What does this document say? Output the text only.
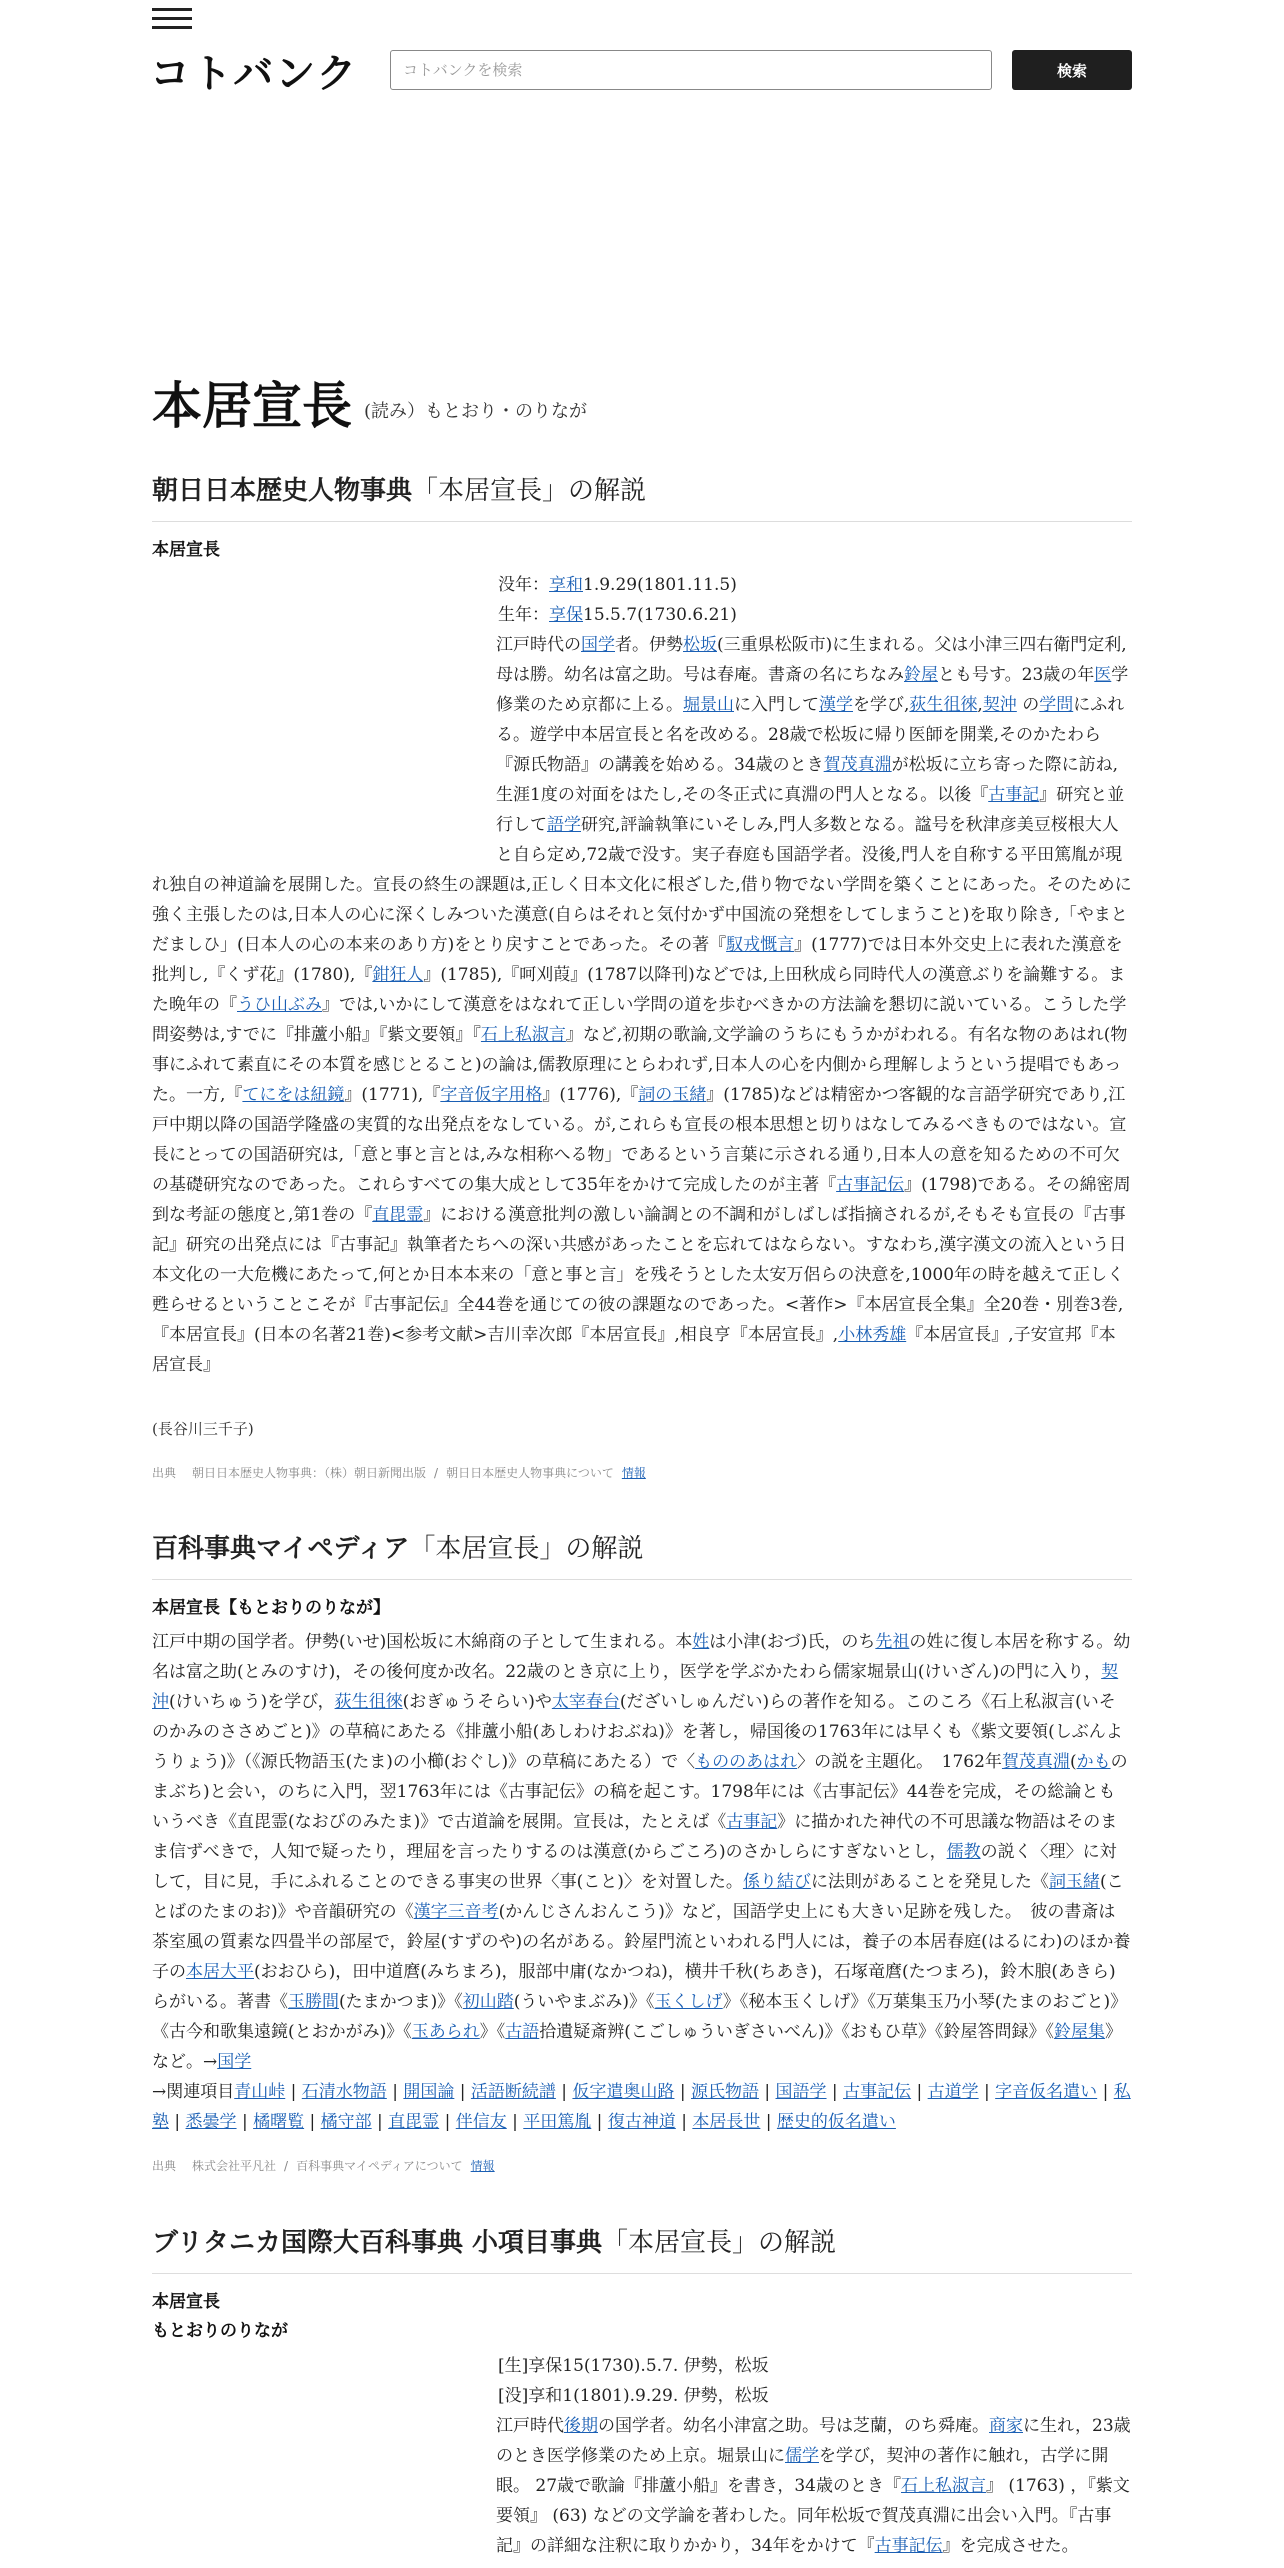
コトバンク
コトバンクを検索	検索
本居宣長 (読み）もとおり・のりなが
朝日日本歴史人物事典「本居宣長」の解説
本居宣長

没年：享和1.9.29(1801.11.5)

生年：享保15.5.7(1730.6.21)

江戸時代の国学者。伊勢松坂(三重県松阪市)に生まれる。父は小津三四右衛門定利,母は勝。幼名は富之助。号は春庵。書斎の名にちなみ鈴屋とも号す。23歳の年医学修業のため京都に上る。堀景山に入門して漢学を学び,荻生徂徠,契沖 の学問にふれる。遊学中本居宣長と名を改める。28歳で松坂に帰り医師を開業,そのかたわら『源氏物語』の講義を始める。34歳のとき賀茂真淵が松坂に立ち寄った際に訪ね,生涯1度の対面をはたし,その冬正式に真淵の門人となる。以後『古事記』研究と並行して語学研究,評論執筆にいそしみ,門人多数となる。諡号を秋津彦美豆桜根大人と自ら定め,72歳で没す。実子春庭も国語学者。没後,門人を自称する平田篤胤が現れ独自の神道論を展開した。宣長の終生の課題は,正しく日本文化に根ざした,借り物でない学問を築くことにあった。そのために強く主張したのは,日本人の心に深くしみついた漢意(自らはそれと気付かず中国流の発想をしてしまうこと)を取り除き,「やまとだましひ」(日本人の心の本来のあり方)をとり戻すことであった。その著『馭戎慨言』(1777)では日本外交史上に表れた漢意を批判し,『くず花』(1780),『鉗狂人』(1785),『呵刈葭』(1787以降刊)などでは,上田秋成ら同時代人の漢意ぶりを論難する。また晩年の『うひ山ぶみ』では,いかにして漢意をはなれて正しい学問の道を歩むべきかの方法論を懇切に説いている。こうした学問姿勢は,すでに『排蘆小船』『紫文要領』『石上私淑言』など,初期の歌論,文学論のうちにもうかがわれる。有名な物のあはれ(物事にふれて素直にその本質を感じとること)の論は,儒教原理にとらわれず,日本人の心を内側から理解しようという提唱でもあった。一方,『てにをは紐鏡』(1771),『字音仮字用格』(1776),『詞の玉緒』(1785)などは精密かつ客観的な言語学研究であり,江戸中期以降の国語学隆盛の実質的な出発点をなしている。が,これらも宣長の根本思想と切りはなしてみるべきものではない。宣長にとっての国語研究は,「意と事と言とは,みな相称へる物」であるという言葉に示される通り,日本人の意を知るための不可欠の基礎研究なのであった。これらすべての集大成として35年をかけて完成したのが主著『古事記伝』(1798)である。その綿密周到な考証の態度と,第1巻の『直毘霊』における漢意批判の激しい論調との不調和がしばしば指摘されるが,そもそも宣長の『古事記』研究の出発点には『古事記』執筆者たちへの深い共感があったことを忘れてはならない。すなわち,漢字漢文の流入という日本文化の一大危機にあたって,何とか日本本来の「意と事と言」を残そうとした太安万侶らの決意を,1000年の時を越えて正しく甦らせるということこそが『古事記伝』全44巻を通じての彼の課題なのであった。<著作>『本居宣長全集』全20巻・別巻3巻,『本居宣長』(日本の名著21巻)<参考文献>吉川幸次郎『本居宣長』,相良亨『本居宣長』,小林秀雄『本居宣長』,子安宣邦『本居宣長』

(長谷川三千子)
出典 朝日日本歴史人物事典：（株）朝日新聞出版 / 朝日日本歴史人物事典について 情報
百科事典マイペディア「本居宣長」の解説
本居宣長【もとおりのりなが】

江戸中期の国学者。伊勢(いせ)国松坂に木綿商の子として生まれる。本姓は小津(おづ)氏，のち先祖の姓に復し本居を称する。幼名は富之助(とみのすけ)，その後何度か改名。22歳のとき京に上り，医学を学ぶかたわら儒家堀景山(けいざん)の門に入り，契沖(けいちゅう)を学び，荻生徂徠(おぎゅうそらい)や太宰春台(だざいしゅんだい)らの著作を知る。このころ《石上私淑言(いそのかみのささめごと)》の草稿にあたる《排蘆小船(あしわけおぶね)》を著し，帰国後の1763年には早くも《紫文要領(しぶんようりょう)》（《源氏物語玉(たま)の小櫛(おぐし)》の草稿にあたる）で〈もののあはれ〉の説を主題化。　1762年賀茂真淵(かものまぶち)と会い，のちに入門，翌1763年には《古事記伝》の稿を起こす。1798年には《古事記伝》44巻を完成，その総論ともいうべき《直毘霊(なおびのみたま)》で古道論を展開。宣長は，たとえば《古事記》に描かれた神代の不可思議な物語はそのまま信ずべきで，人知で疑ったり，理屈を言ったりするのは漢意(からごころ)のさかしらにすぎないとし，儒教の説く〈理〉に対して，目に見，手にふれることのできる事実の世界〈事(こと)〉を対置した。係り結びに法則があることを発見した《詞玉緒(ことばのたまのお)》や音韻研究の《漢字三音考(かんじさんおんこう)》など，国語学史上にも大きい足跡を残した。　彼の書斎は茶室風の質素な四畳半の部屋で，鈴屋(すずのや)の名がある。鈴屋門流といわれる門人には，養子の本居春庭(はるにわ)のほか養子の本居大平(おおひら)，田中道麿(みちまろ)，服部中庸(なかつね)，横井千秋(ちあき)，石塚竜麿(たつまろ)，鈴木朖(あきら)らがいる。著書《玉勝間(たまかつま)》《初山踏(ういやまぶみ)》《玉くしげ》《秘本玉くしげ》《万葉集玉乃小琴(たまのおごと)》《古今和歌集遠鏡(とおかがみ)》《玉あられ》《古語拾遺疑斎辨(こごしゅういぎさいべん)》《おもひ草》《鈴屋答問録》《鈴屋集》など。→国学

→関連項目青山峠 | 石清水物語 | 開国論 | 活語断続譜 | 仮字遣奥山路 | 源氏物語 | 国語学 | 古事記伝 | 古道学 | 字音仮名遣い | 私塾 | 悉曇学 | 橘曙覧 | 橘守部 | 直毘霊 | 伴信友 | 平田篤胤 | 復古神道 | 本居長世 | 歴史的仮名遣い

出典 株式会社平凡社 / 百科事典マイペディアについて 情報
ブリタニカ国際大百科事典 小項目事典「本居宣長」の解説
本居宣長
もとおりのりなが

[生]享保15(1730).5.7. 伊勢，松坂

[没]享和1(1801).9.29. 伊勢，松坂

江戸時代後期の国学者。幼名小津富之助。号は芝蘭，のち舜庵。商家に生れ，23歳のとき医学修業のため上京。堀景山に儒学を学び，契沖の著作に触れ，古学に開眼。 27歳で歌論『排蘆小船』を書き，34歳のとき『石上私淑言』 (1763) ，『紫文要領』 (63) などの文学論を著わした。同年松坂で賀茂真淵に出会い入門。『古事記』の詳細な注釈に取りかかり，34年をかけて『古事記伝』を完成させた。
